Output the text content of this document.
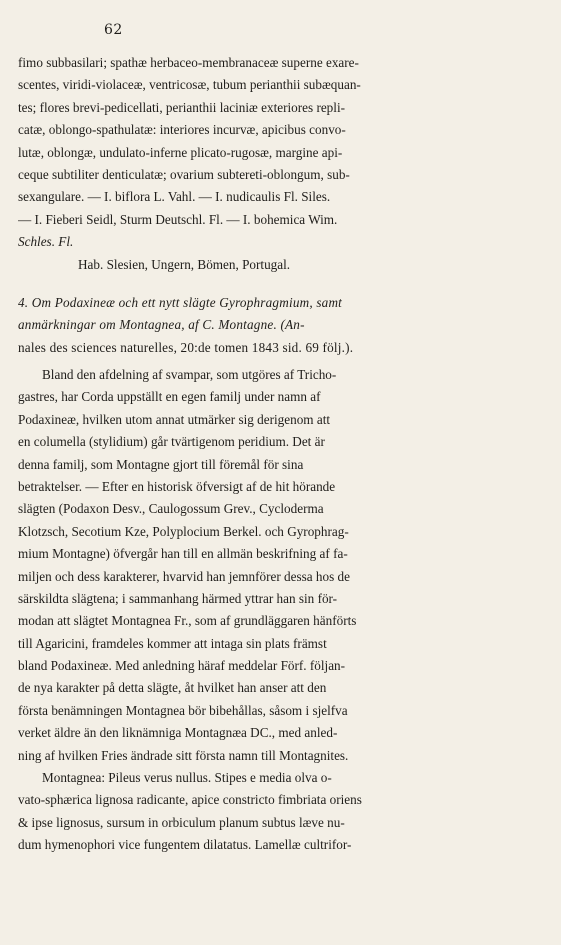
62
fimo subbasilari; spathæ herbaceo-membranaceæ superne exare-
scentes, viridi-violaceæ, ventricosæ, tubum perianthii subæquan-
tes; flores brevi-pedicellati, perianthii laciniæ exteriores repli-
catæ, oblongo-spathulatæ: interiores incurvæ, apicibus convo-
lutæ, oblongæ, undulato-inferne plicato-rugosæ, margine api-
ceque subtiliter denticulatæ; ovarium subtereti-oblongum, sub-
sexangulare. — I. biflora L. Vahl. — I. nudicaulis Fl. Siles.
— I. Fieberi Seidl, Sturm Deutschl. Fl. — I. bohemica Wim.
Schles. Fl.
Hab. Slesien, Ungern, Bömen, Portugal.
4. Om Podaxineæ och ett nytt slägte Gyrophragmium, samt
anmärkningar om Montagnea, af C. Montagne. (An-
nales des sciences naturelles, 20:de tomen 1843 sid. 69 följ.).
Bland den afdelning af svampar, som utgöres af Tricho-
gastres, har Corda uppställt en egen familj under namn af
Podaxineæ, hvilken utom annat utmärker sig derigenom att
en columella (stylidium) går tvärtigenom peridium. Det är
denna familj, som Montagne gjort till föremål för sina
betraktelser. — Efter en historisk öfversigt af de hit hörande
slägten (Podaxon Desv., Caulogossum Grev., Cycloderma
Klotzsch, Secotium Kze, Polyplocium Berkel. och Gyrophrag-
mium Montagne) öfvergår han till en allmän beskrifning af fa-
miljen och dess karakterer, hvarvid han jemnförer dessa hos de
särskildta slägtena; i sammanhang härmed yttrar han sin för-
modan att slägtet Montagnea Fr., som af grundläggaren hänförts
till Agaricini, framdeles kommer att intaga sin plats främst
bland Podaxineæ. Med anledning häraf meddelar Förf. följan-
de nya karakter på detta slägte, åt hvilket han anser att den
första benämningen Montagnea bör bibehållas, såsom i sjelfva
verket äldre än den liknämniga Montagnæa DC., med anled-
ning af hvilken Fries ändrade sitt första namn till Montagnites.
Montagnea: Pileus verus nullus. Stipes e media olva o-
vato-sphærica lignosa radicante, apice constricto fimbriata oriens
& ipse lignosus, sursum in orbiculum planum subtus læve nu-
dum hymenophori vice fungentem dilatatus. Lamellæ cultrifor-
